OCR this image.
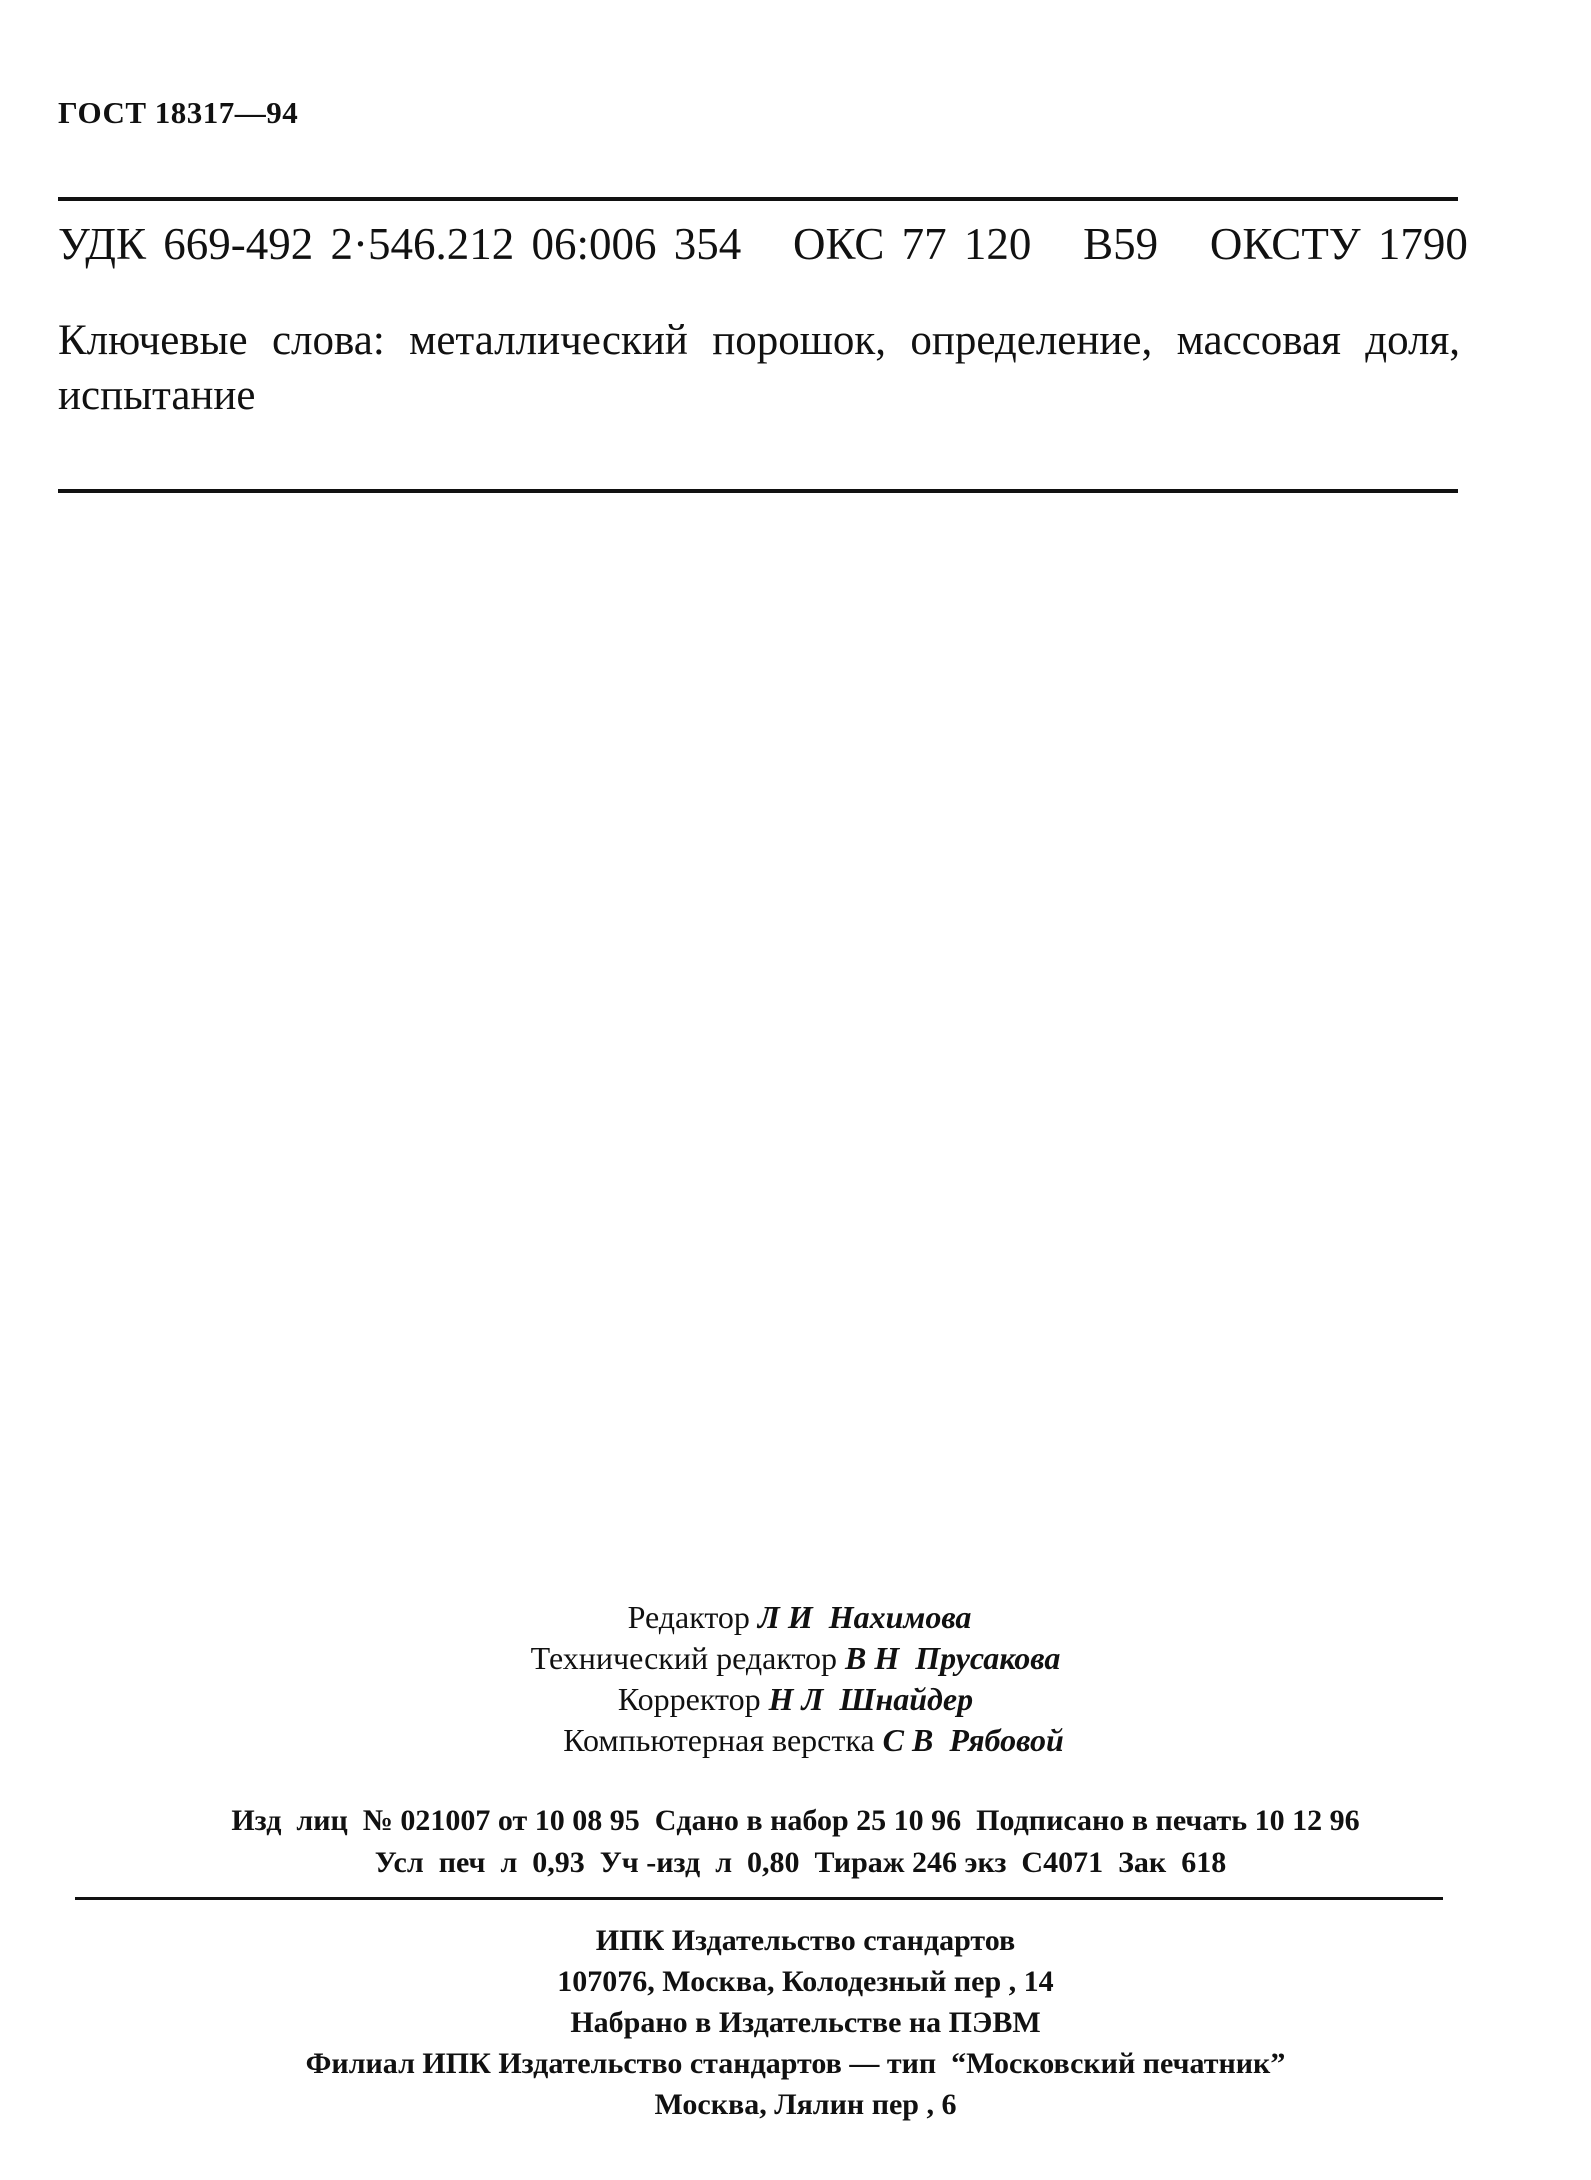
ГОСТ 18317—94
УДК 669-492 2·546.212 06:006 354   ОКС 77 120   В59   ОКСТУ 1790
Ключевые слова: металлический порошок, определение, массовая доля, испытание
Редактор Л И  Нахимова
Технический редактор В Н  Прусакова
Корректор Н Л  Шнайдер
Компьютерная верстка С В  Рябовой
Изд  лиц  № 021007 от 10 08 95  Сдано в набор 25 10 96  Подписано в печать 10 12 96
Усл  печ  л  0,93  Уч -изд  л  0,80  Тираж 246 экз  С4071  Зак  618
ИПК Издательство стандартов
107076, Москва, Колодезный пер , 14
Набрано в Издательстве на ПЭВМ
Филиал ИПК Издательство стандартов — тип  “Московский печатник”
Москва, Лялин пер , 6
